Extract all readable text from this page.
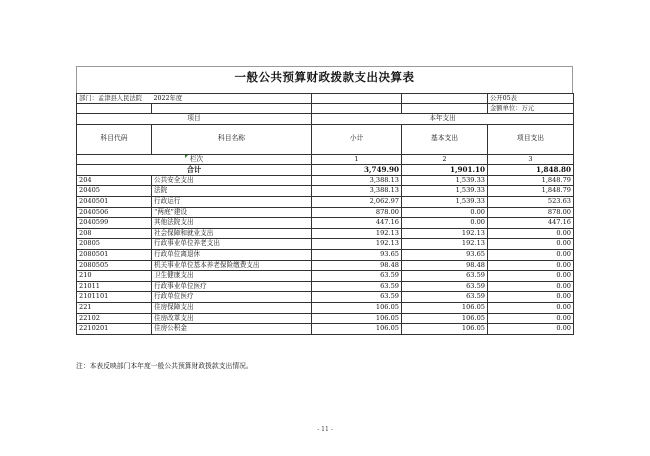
一般公共预算财政拨款支出决算表
部门：孟津县人民法院	2022年度			公开05表
				金额单位：万元
项目		本年支出		
科目代码	科目名称	小计	基本支出	项目支出
栏次		1	2	3
合计		3,749.90	1,901.10	1,848.80
204	公共安全支出	3,388.13	1,539.33	1,848.79
20405	法院	3,388.13	1,539.33	1,848.79
2040501	行政运行	2,062.97	1,539.33	523.63
2040506	“两庭”建设	878.00	0.00	878.00
2040599	其他法院支出	447.16	0.00	447.16
208	社会保障和就业支出	192.13	192.13	0.00
20805	行政事业单位养老支出	192.13	192.13	0.00
2080501	行政单位离退休	93.65	93.65	0.00
2080505	机关事业单位基本养老保险缴费支出	98.48	98.48	0.00
210	卫生健康支出	63.59	63.59	0.00
21011	行政事业单位医疗	63.59	63.59	0.00
2101101	行政单位医疗	63.59	63.59	0.00
221	住房保障支出	106.05	106.05	0.00
22102	住房改革支出	106.05	106.05	0.00
2210201	住房公积金	106.05	106.05	0.00
注：本表反映部门本年度一般公共预算财政拨款支出情况。
- 11 -
